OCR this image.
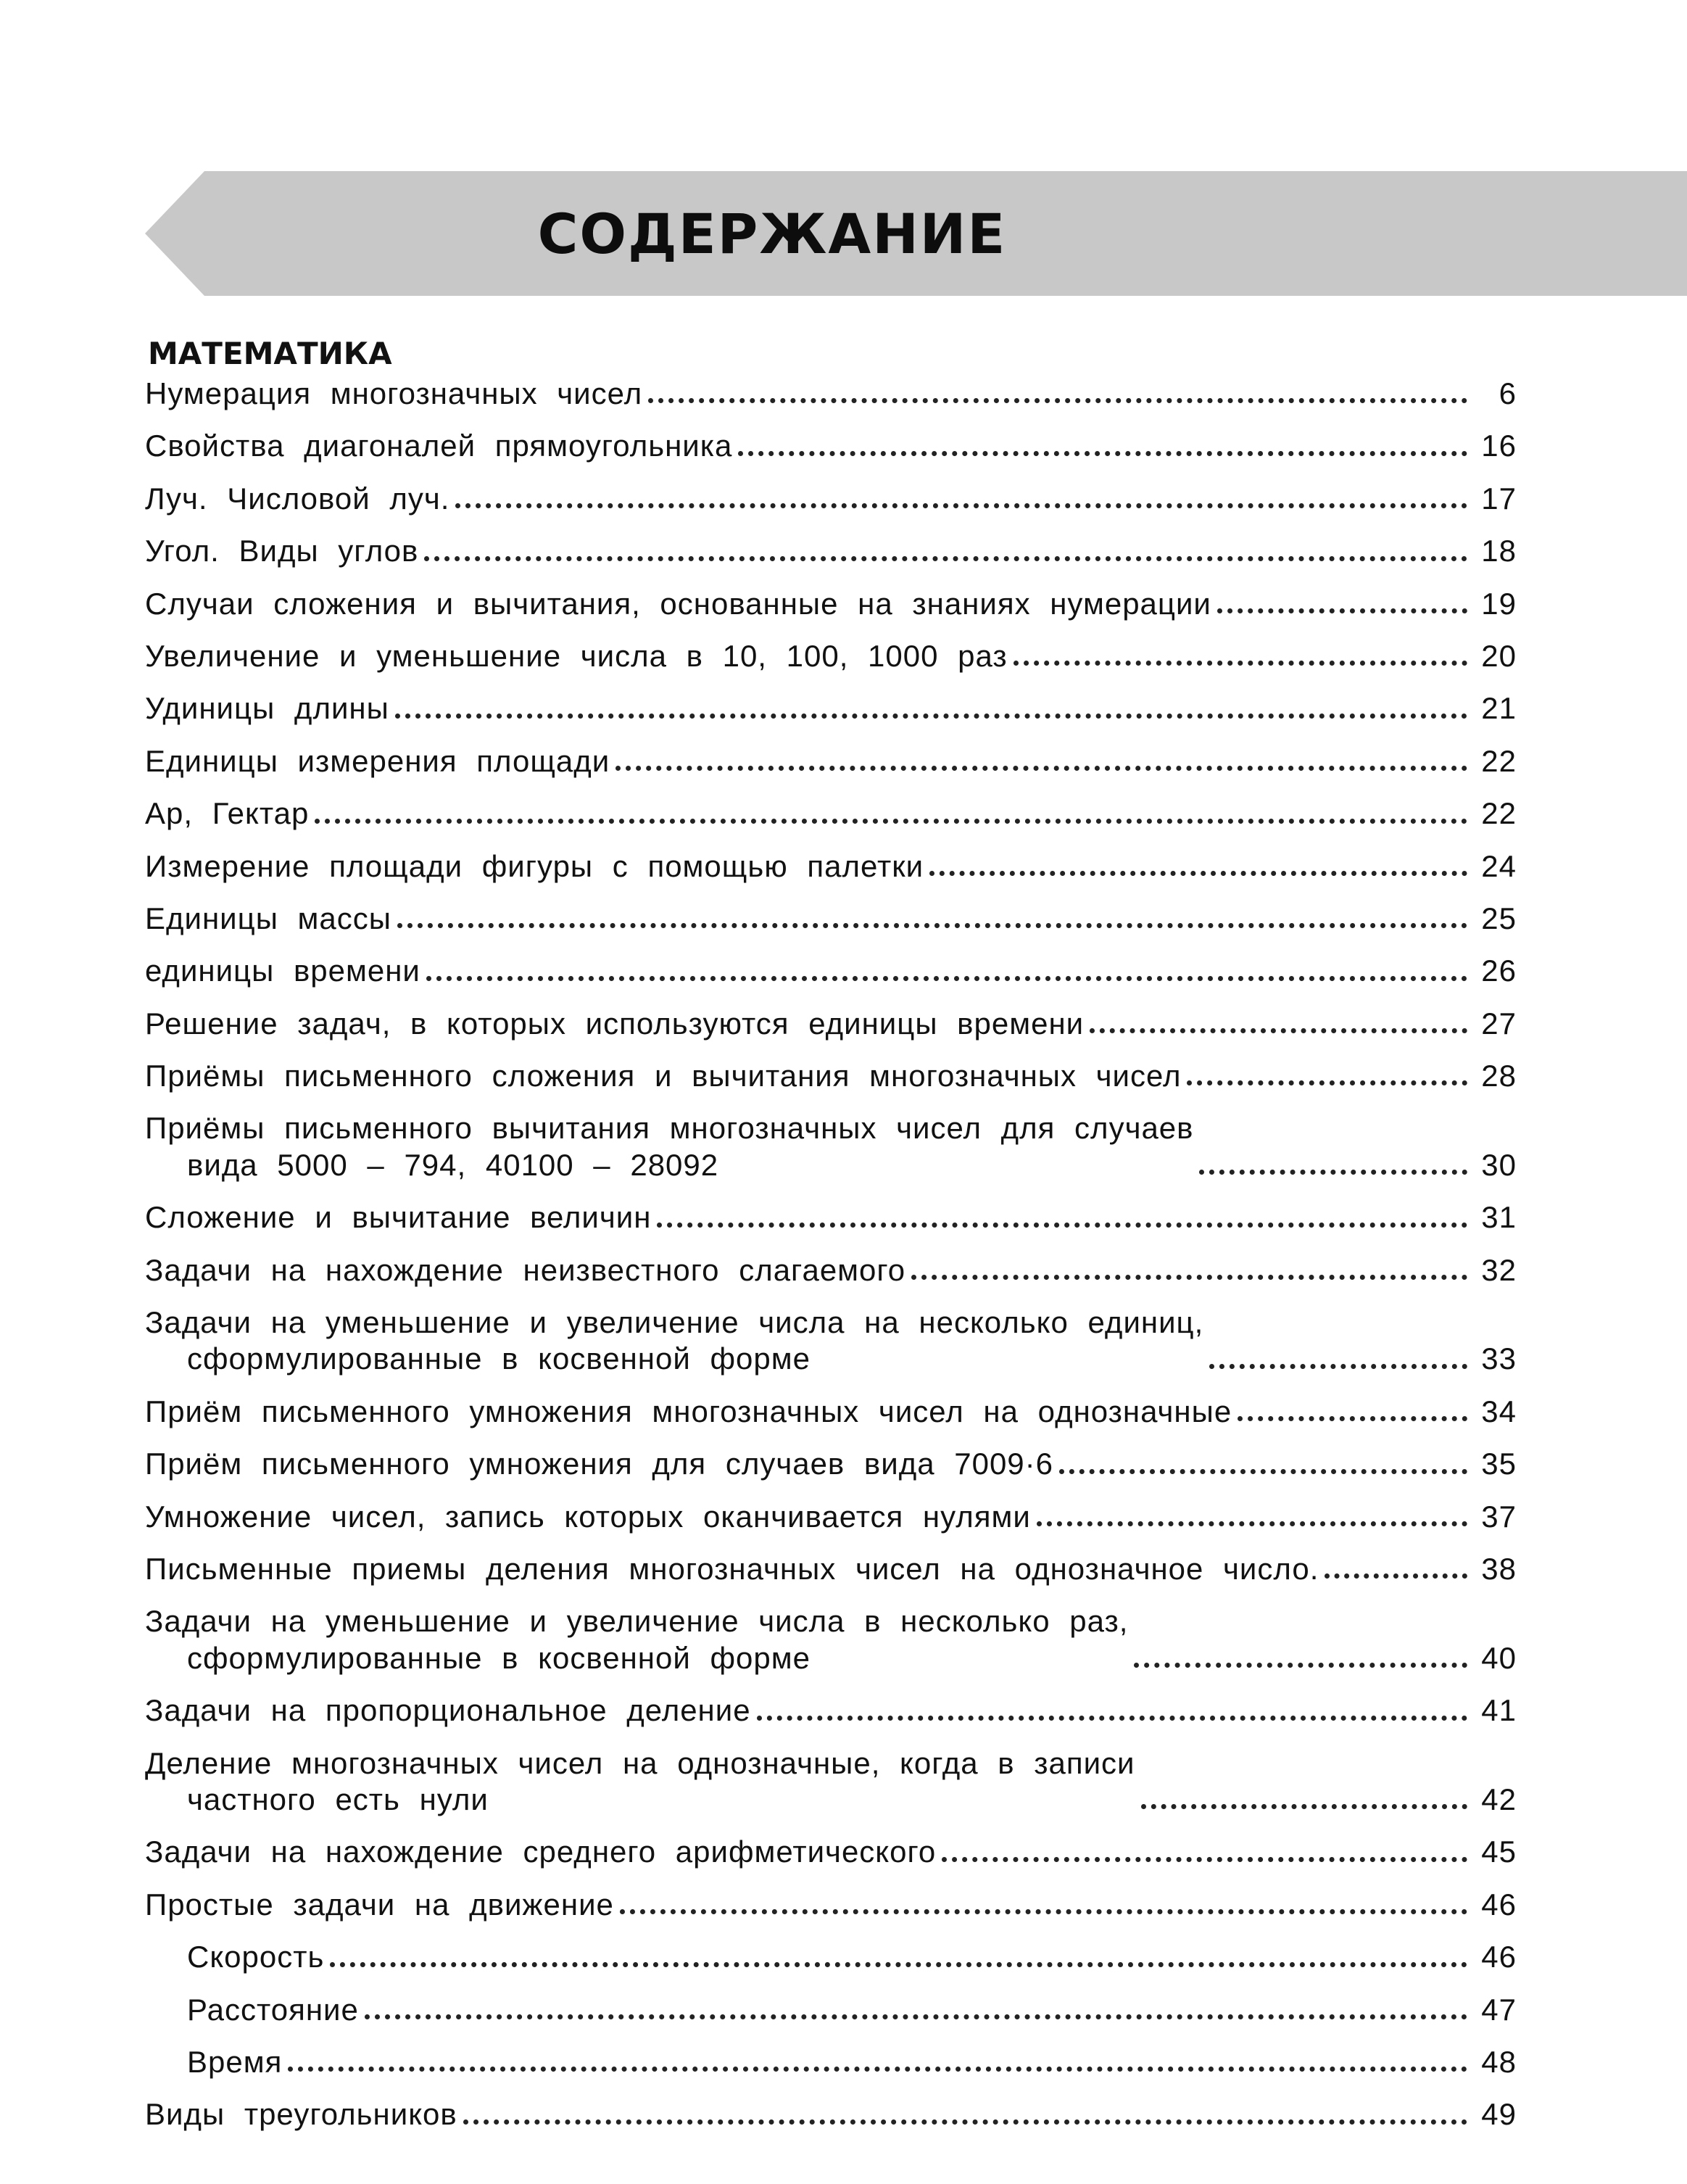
СОДЕРЖАНИЕ
МАТЕМАТИКА
Нумерация многозначных чисел	6
Свойства диагоналей прямоугольника	16
Луч. Числовой луч.	17
Угол. Виды углов	18
Случаи сложения и вычитания, основанные на знаниях нумерации	19
Увеличение и уменьшение числа в 10, 100, 1000 раз	20
Удиницы длины	21
Единицы измерения площади	22
Ар, Гектар	22
Измерение площади фигуры с помощью палетки	24
Единицы массы	25
единицы времени	26
Решение задач, в которых используются единицы времени	27
Приёмы письменного сложения и вычитания многозначных чисел	28
Приёмы письменного вычитания многозначных чисел для случаев
вида 5000 – 794, 40100 – 28092	30
Сложение и вычитание величин	31
Задачи на нахождение неизвестного слагаемого	32
Задачи на уменьшение и увеличение числа на несколько единиц,
сформулированные в косвенной форме	33
Приём письменного умножения многозначных чисел на однозначные	34
Приём письменного умножения для случаев вида 7009·6	35
Умножение чисел, запись которых оканчивается нулями	37
Письменные приемы деления многозначных чисел на однозначное число.	38
Задачи на уменьшение и увеличение числа в несколько раз,
сформулированные в косвенной форме	40
Задачи на пропорциональное деление	41
Деление многозначных чисел на однозначные, когда в записи
частного есть нули	42
Задачи на нахождение среднего арифметического	45
Простые задачи на движение	46
Скорость	46
Расстояние	47
Время	48
Виды треугольников	49
